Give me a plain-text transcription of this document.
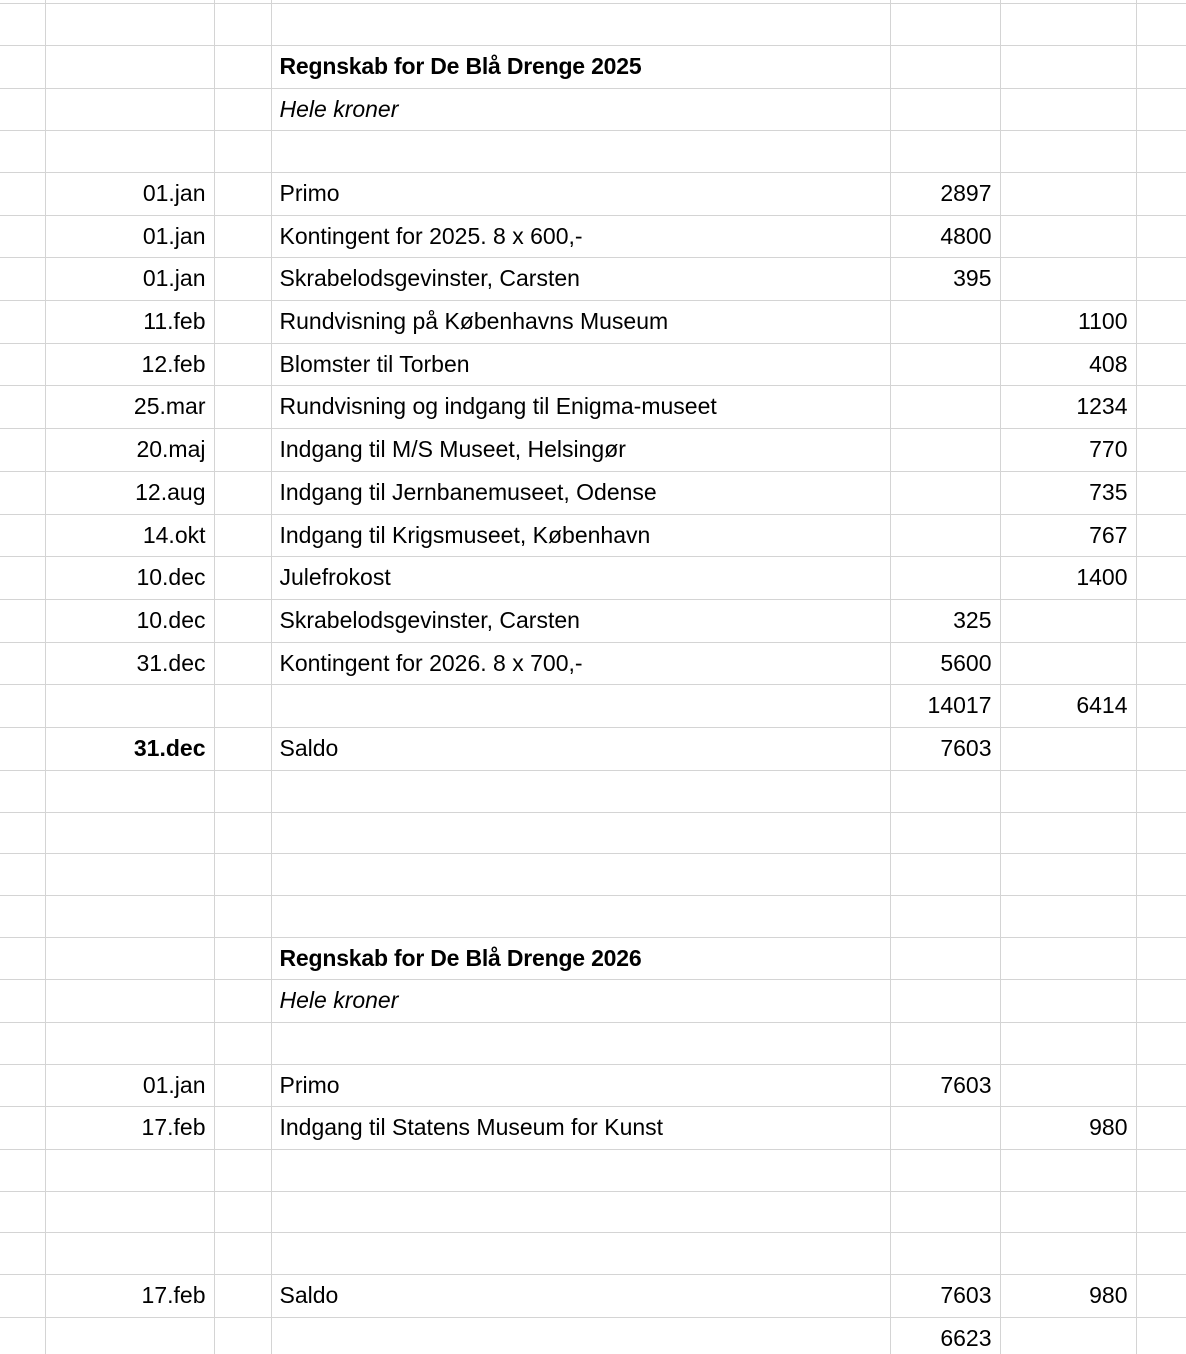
			Regnskab for De Blå Drenge 2025			
			Hele kroner			

	01.jan		Primo	2897		
	01.jan		Kontingent for 2025. 8 x 600,-	4800		
	01.jan		Skrabelodsgevinster, Carsten	395		
	11.feb		Rundvisning på Københavns Museum		1100	
	12.feb		Blomster til Torben		408	
	25.mar		Rundvisning og indgang til Enigma-museet		1234	
	20.maj		Indgang til M/S Museet, Helsingør		770	
	12.aug		Indgang til Jernbanemuseet, Odense		735	
	14.okt		Indgang til Krigsmuseet, København		767	
	10.dec		Julefrokost		1400	
	10.dec		Skrabelodsgevinster, Carsten	325		
	31.dec		Kontingent for 2026. 8 x 700,-	5600		
				14017	6414	
	31.dec		Saldo	7603		

			Regnskab for De Blå Drenge 2026			
			Hele kroner			

	01.jan		Primo	7603		
	17.feb		Indgang til Statens Museum for Kunst		980	

	17.feb		Saldo	7603	980	
				6623		
